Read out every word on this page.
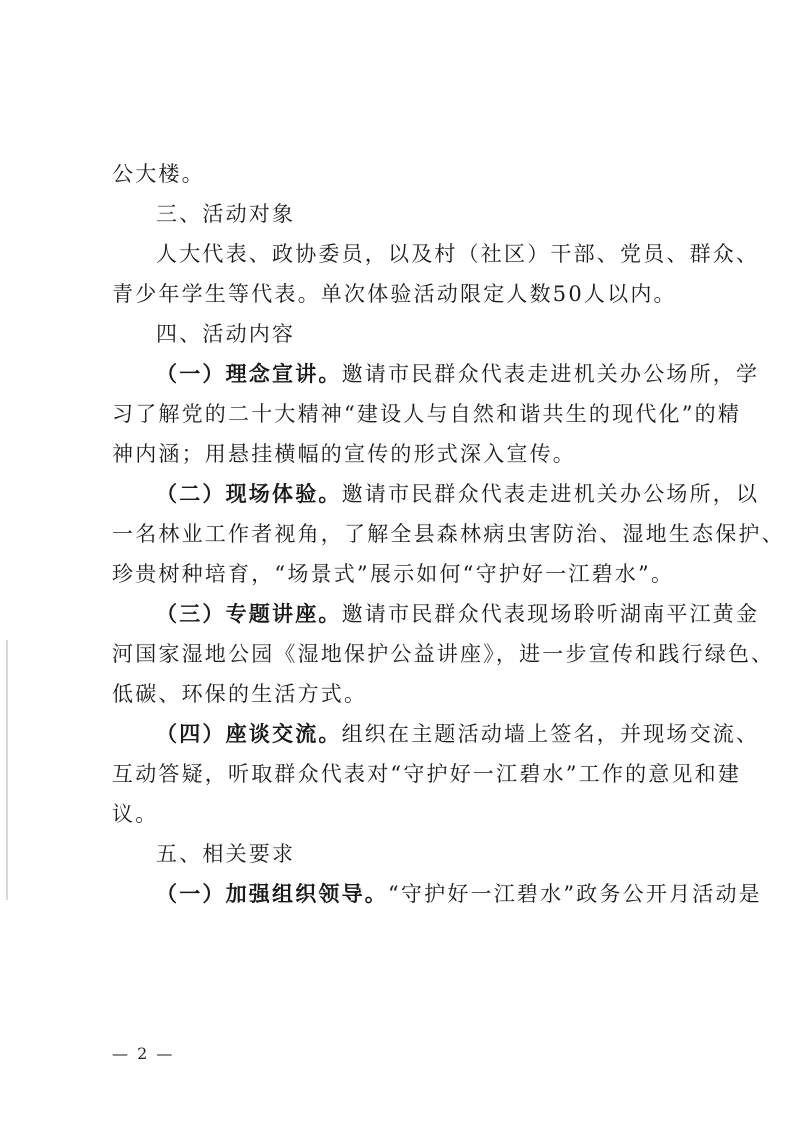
公大楼。
三、活动对象
人大代表、政协委员，以及村（社区）干部、党员、群众、
青少年学生等代表。单次体验活动限定人数50人以内。
四、活动内容
（一）理念宣讲。邀请市民群众代表走进机关办公场所，学
习了解党的二十大精神“建设人与自然和谐共生的现代化”的精
神内涵；用悬挂横幅的宣传的形式深入宣传。
（二）现场体验。邀请市民群众代表走进机关办公场所，以
一名林业工作者视角，了解全县森林病虫害防治、湿地生态保护、
珍贵树种培育，“场景式”展示如何“守护好一江碧水”。
（三）专题讲座。邀请市民群众代表现场聆听湖南平江黄金
河国家湿地公园《湿地保护公益讲座》，进一步宣传和践行绿色、
低碳、环保的生活方式。
（四）座谈交流。组织在主题活动墙上签名，并现场交流、
互动答疑，听取群众代表对“守护好一江碧水”工作的意见和建
议。
五、相关要求
（一）加强组织领导。“守护好一江碧水”政务公开月活动是
— 2 —
